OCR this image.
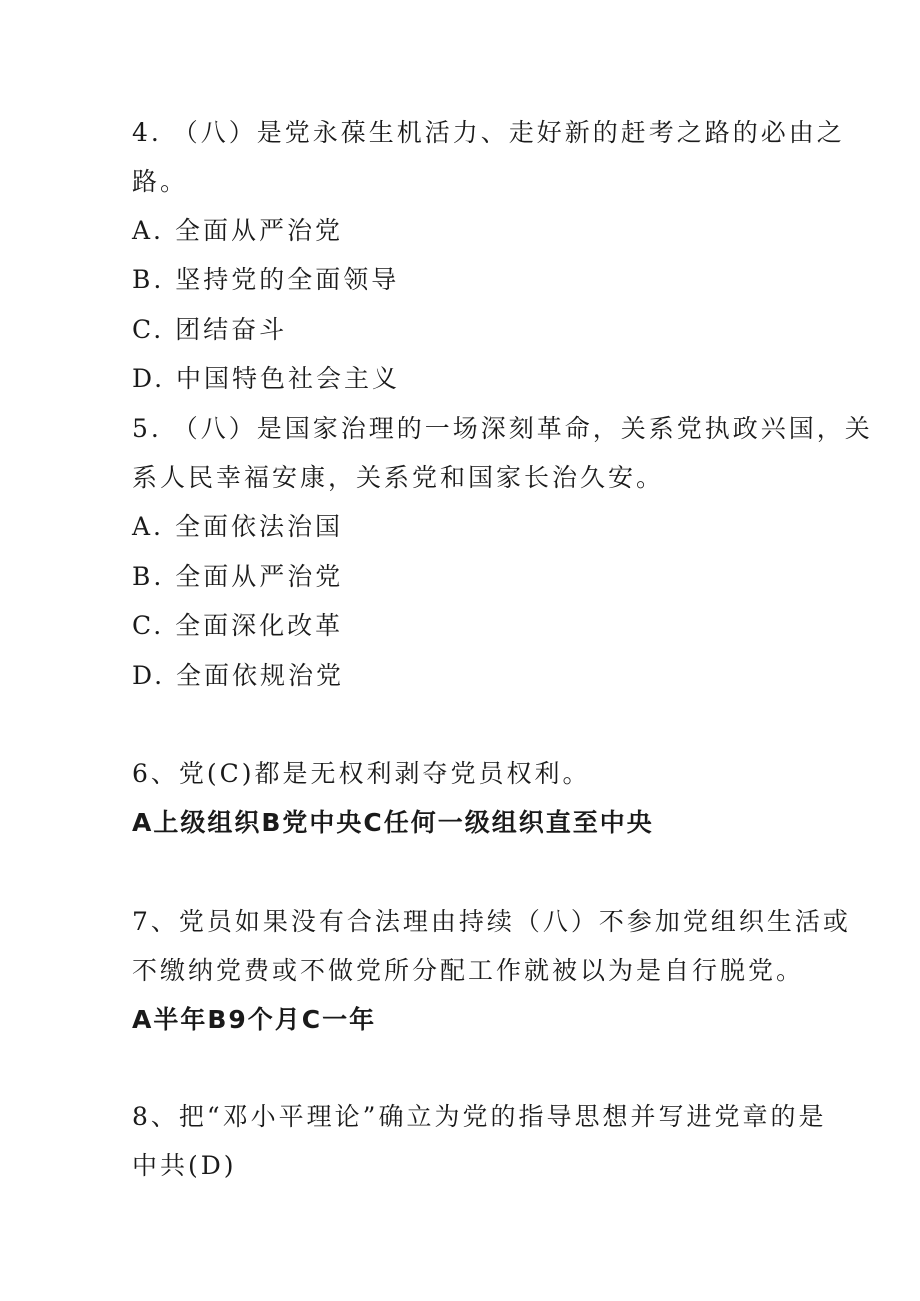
4. （八）是党永葆生机活力、走好新的赶考之路的必由之
路。
A. 全面从严治党
B. 坚持党的全面领导
C. 团结奋斗
D. 中国特色社会主义
5. （八）是国家治理的一场深刻革命，关系党执政兴国，关
系人民幸福安康，关系党和国家长治久安。
A. 全面依法治国
B. 全面从严治党
C. 全面深化改革
D. 全面依规治党
6、党(C)都是无权利剥夺党员权利。
A上级组织B党中央C任何一级组织直至中央
7、党员如果没有合法理由持续（八）不参加党组织生活或
不缴纳党费或不做党所分配工作就被以为是自行脱党。
A半年B9个月C一年
8、把“邓小平理论”确立为党的指导思想并写进党章的是
中共(D)
